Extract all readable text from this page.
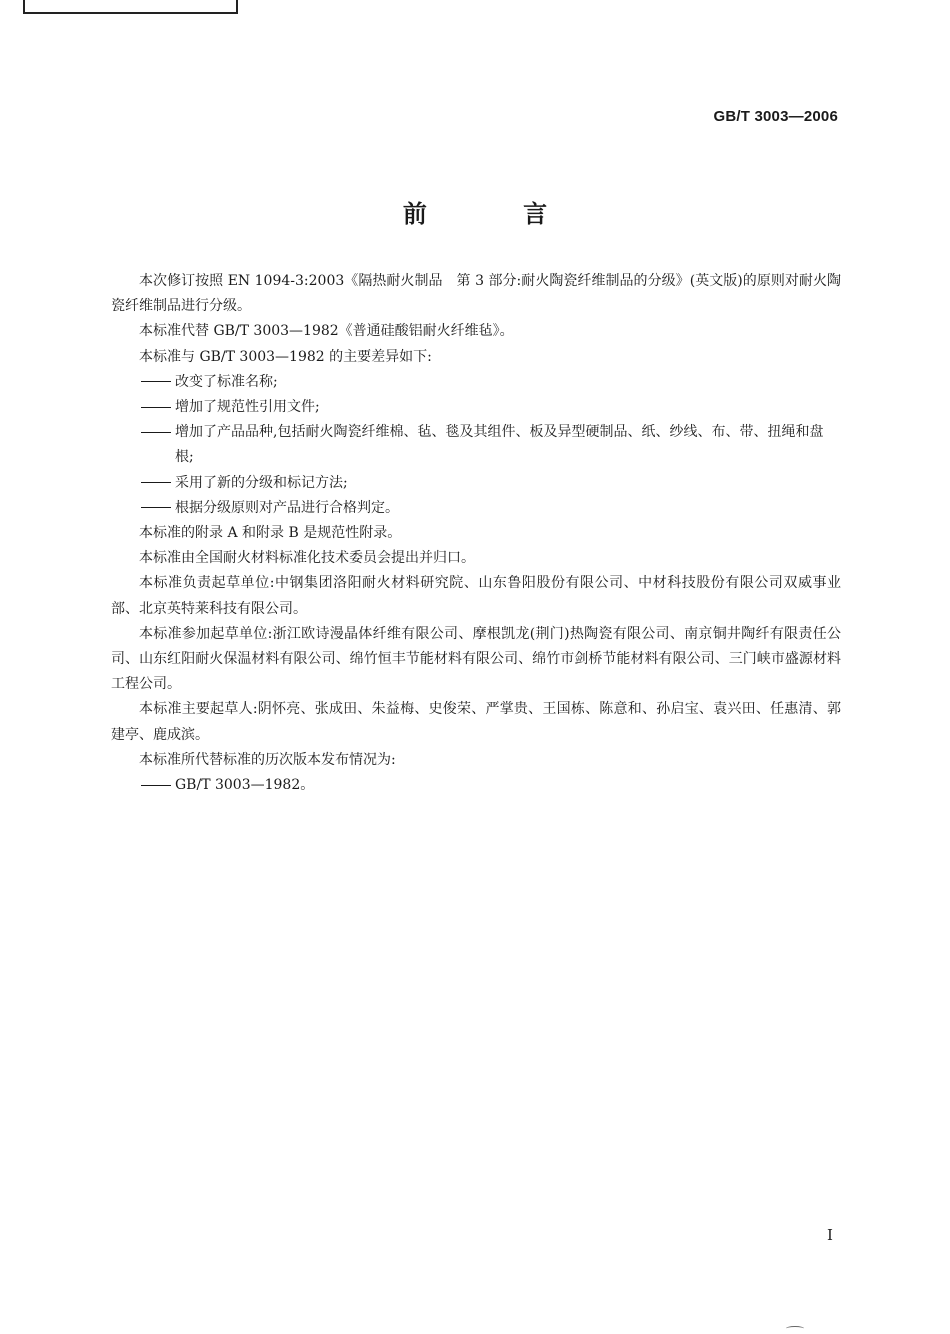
GB/T 3003—2006
前 言

本次修订按照 EN 1094-3:2003《隔热耐火制品　第 3 部分:耐火陶瓷纤维制品的分级》(英文版)的原则对耐火陶瓷纤维制品进行分级。

本标准代替 GB/T 3003—1982《普通硅酸铝耐火纤维毡》。

本标准与 GB/T 3003—1982 的主要差异如下:

改变了标准名称;
增加了规范性引用文件;
增加了产品品种,包括耐火陶瓷纤维棉、毡、毯及其组件、板及异型硬制品、纸、纱线、布、带、扭绳和盘根;
采用了新的分级和标记方法;
根据分级原则对产品进行合格判定。

本标准的附录 A 和附录 B 是规范性附录。

本标准由全国耐火材料标准化技术委员会提出并归口。

本标准负责起草单位:中钢集团洛阳耐火材料研究院、山东鲁阳股份有限公司、中材科技股份有限公司双威事业部、北京英特莱科技有限公司。

本标准参加起草单位:浙江欧诗漫晶体纤维有限公司、摩根凯龙(荆门)热陶瓷有限公司、南京铜井陶纤有限责任公司、山东红阳耐火保温材料有限公司、绵竹恒丰节能材料有限公司、绵竹市剑桥节能材料有限公司、三门峡市盛源材料工程公司。

本标准主要起草人:阴怀亮、张成田、朱益梅、史俊荣、严掌贵、王国栋、陈意和、孙启宝、袁兴田、任惠清、郭建亭、鹿成滨。

本标准所代替标准的历次版本发布情况为:

GB/T 3003—1982。
I
